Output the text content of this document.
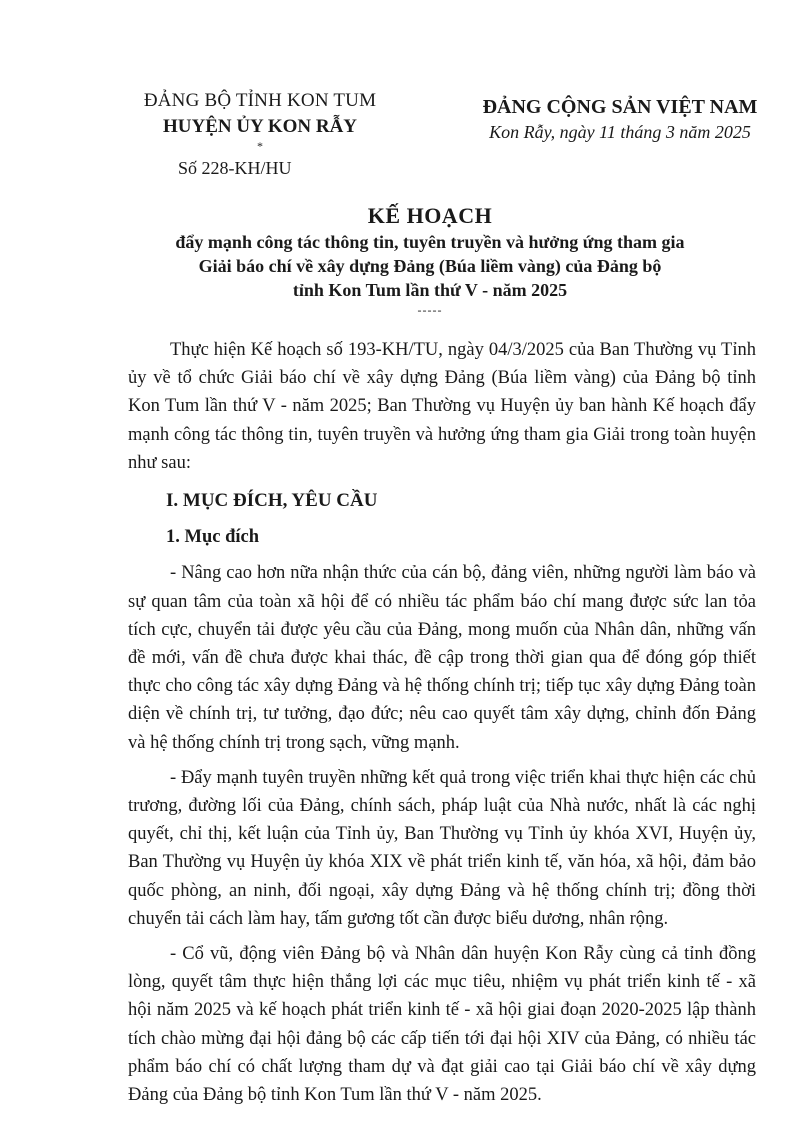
ĐẢNG BỘ TỈNH KON TUM
HUYỆN ỦY KON RẪY
*
Số 228-KH/HU
ĐẢNG CỘNG SẢN VIỆT NAM
Kon Rẫy, ngày 11 tháng 3 năm 2025
KẾ HOẠCH
đẩy mạnh công tác thông tin, tuyên truyền và hưởng ứng tham gia
Giải báo chí về xây dựng Đảng (Búa liềm vàng) của Đảng bộ
tỉnh Kon Tum lần thứ V - năm 2025
-----

Thực hiện Kế hoạch số 193-KH/TU, ngày 04/3/2025 của Ban Thường vụ Tỉnh ủy về tổ chức Giải báo chí về xây dựng Đảng (Búa liềm vàng) của Đảng bộ tỉnh Kon Tum lần thứ V - năm 2025; Ban Thường vụ Huyện ủy ban hành Kế hoạch đẩy mạnh công tác thông tin, tuyên truyền và hưởng ứng tham gia Giải trong toàn huyện như sau:

I. MỤC ĐÍCH, YÊU CẦU
1. Mục đích

- Nâng cao hơn nữa nhận thức của cán bộ, đảng viên, những người làm báo và sự quan tâm của toàn xã hội để có nhiều tác phẩm báo chí mang được sức lan tỏa tích cực, chuyển tải được yêu cầu của Đảng, mong muốn của Nhân dân, những vấn đề mới, vấn đề chưa được khai thác, đề cập trong thời gian qua để đóng góp thiết thực cho công tác xây dựng Đảng và hệ thống chính trị; tiếp tục xây dựng Đảng toàn diện về chính trị, tư tưởng, đạo đức; nêu cao quyết tâm xây dựng, chỉnh đốn Đảng và hệ thống chính trị trong sạch, vững mạnh.

- Đẩy mạnh tuyên truyền những kết quả trong việc triển khai thực hiện các chủ trương, đường lối của Đảng, chính sách, pháp luật của Nhà nước, nhất là các nghị quyết, chỉ thị, kết luận của Tỉnh ủy, Ban Thường vụ Tỉnh ủy khóa XVI, Huyện ủy, Ban Thường vụ Huyện ủy khóa XIX về phát triển kinh tế, văn hóa, xã hội, đảm bảo quốc phòng, an ninh, đối ngoại, xây dựng Đảng và hệ thống chính trị; đồng thời chuyển tải cách làm hay, tấm gương tốt cần được biểu dương, nhân rộng.

- Cổ vũ, động viên Đảng bộ và Nhân dân huyện Kon Rẫy cùng cả tỉnh đồng lòng, quyết tâm thực hiện thắng lợi các mục tiêu, nhiệm vụ phát triển kinh tế - xã hội năm 2025 và kế hoạch phát triển kinh tế - xã hội giai đoạn 2020-2025 lập thành tích chào mừng đại hội đảng bộ các cấp tiến tới đại hội XIV của Đảng, có nhiều tác phẩm báo chí có chất lượng tham dự và đạt giải cao tại Giải báo chí về xây dựng Đảng của Đảng bộ tỉnh Kon Tum lần thứ V - năm 2025.
